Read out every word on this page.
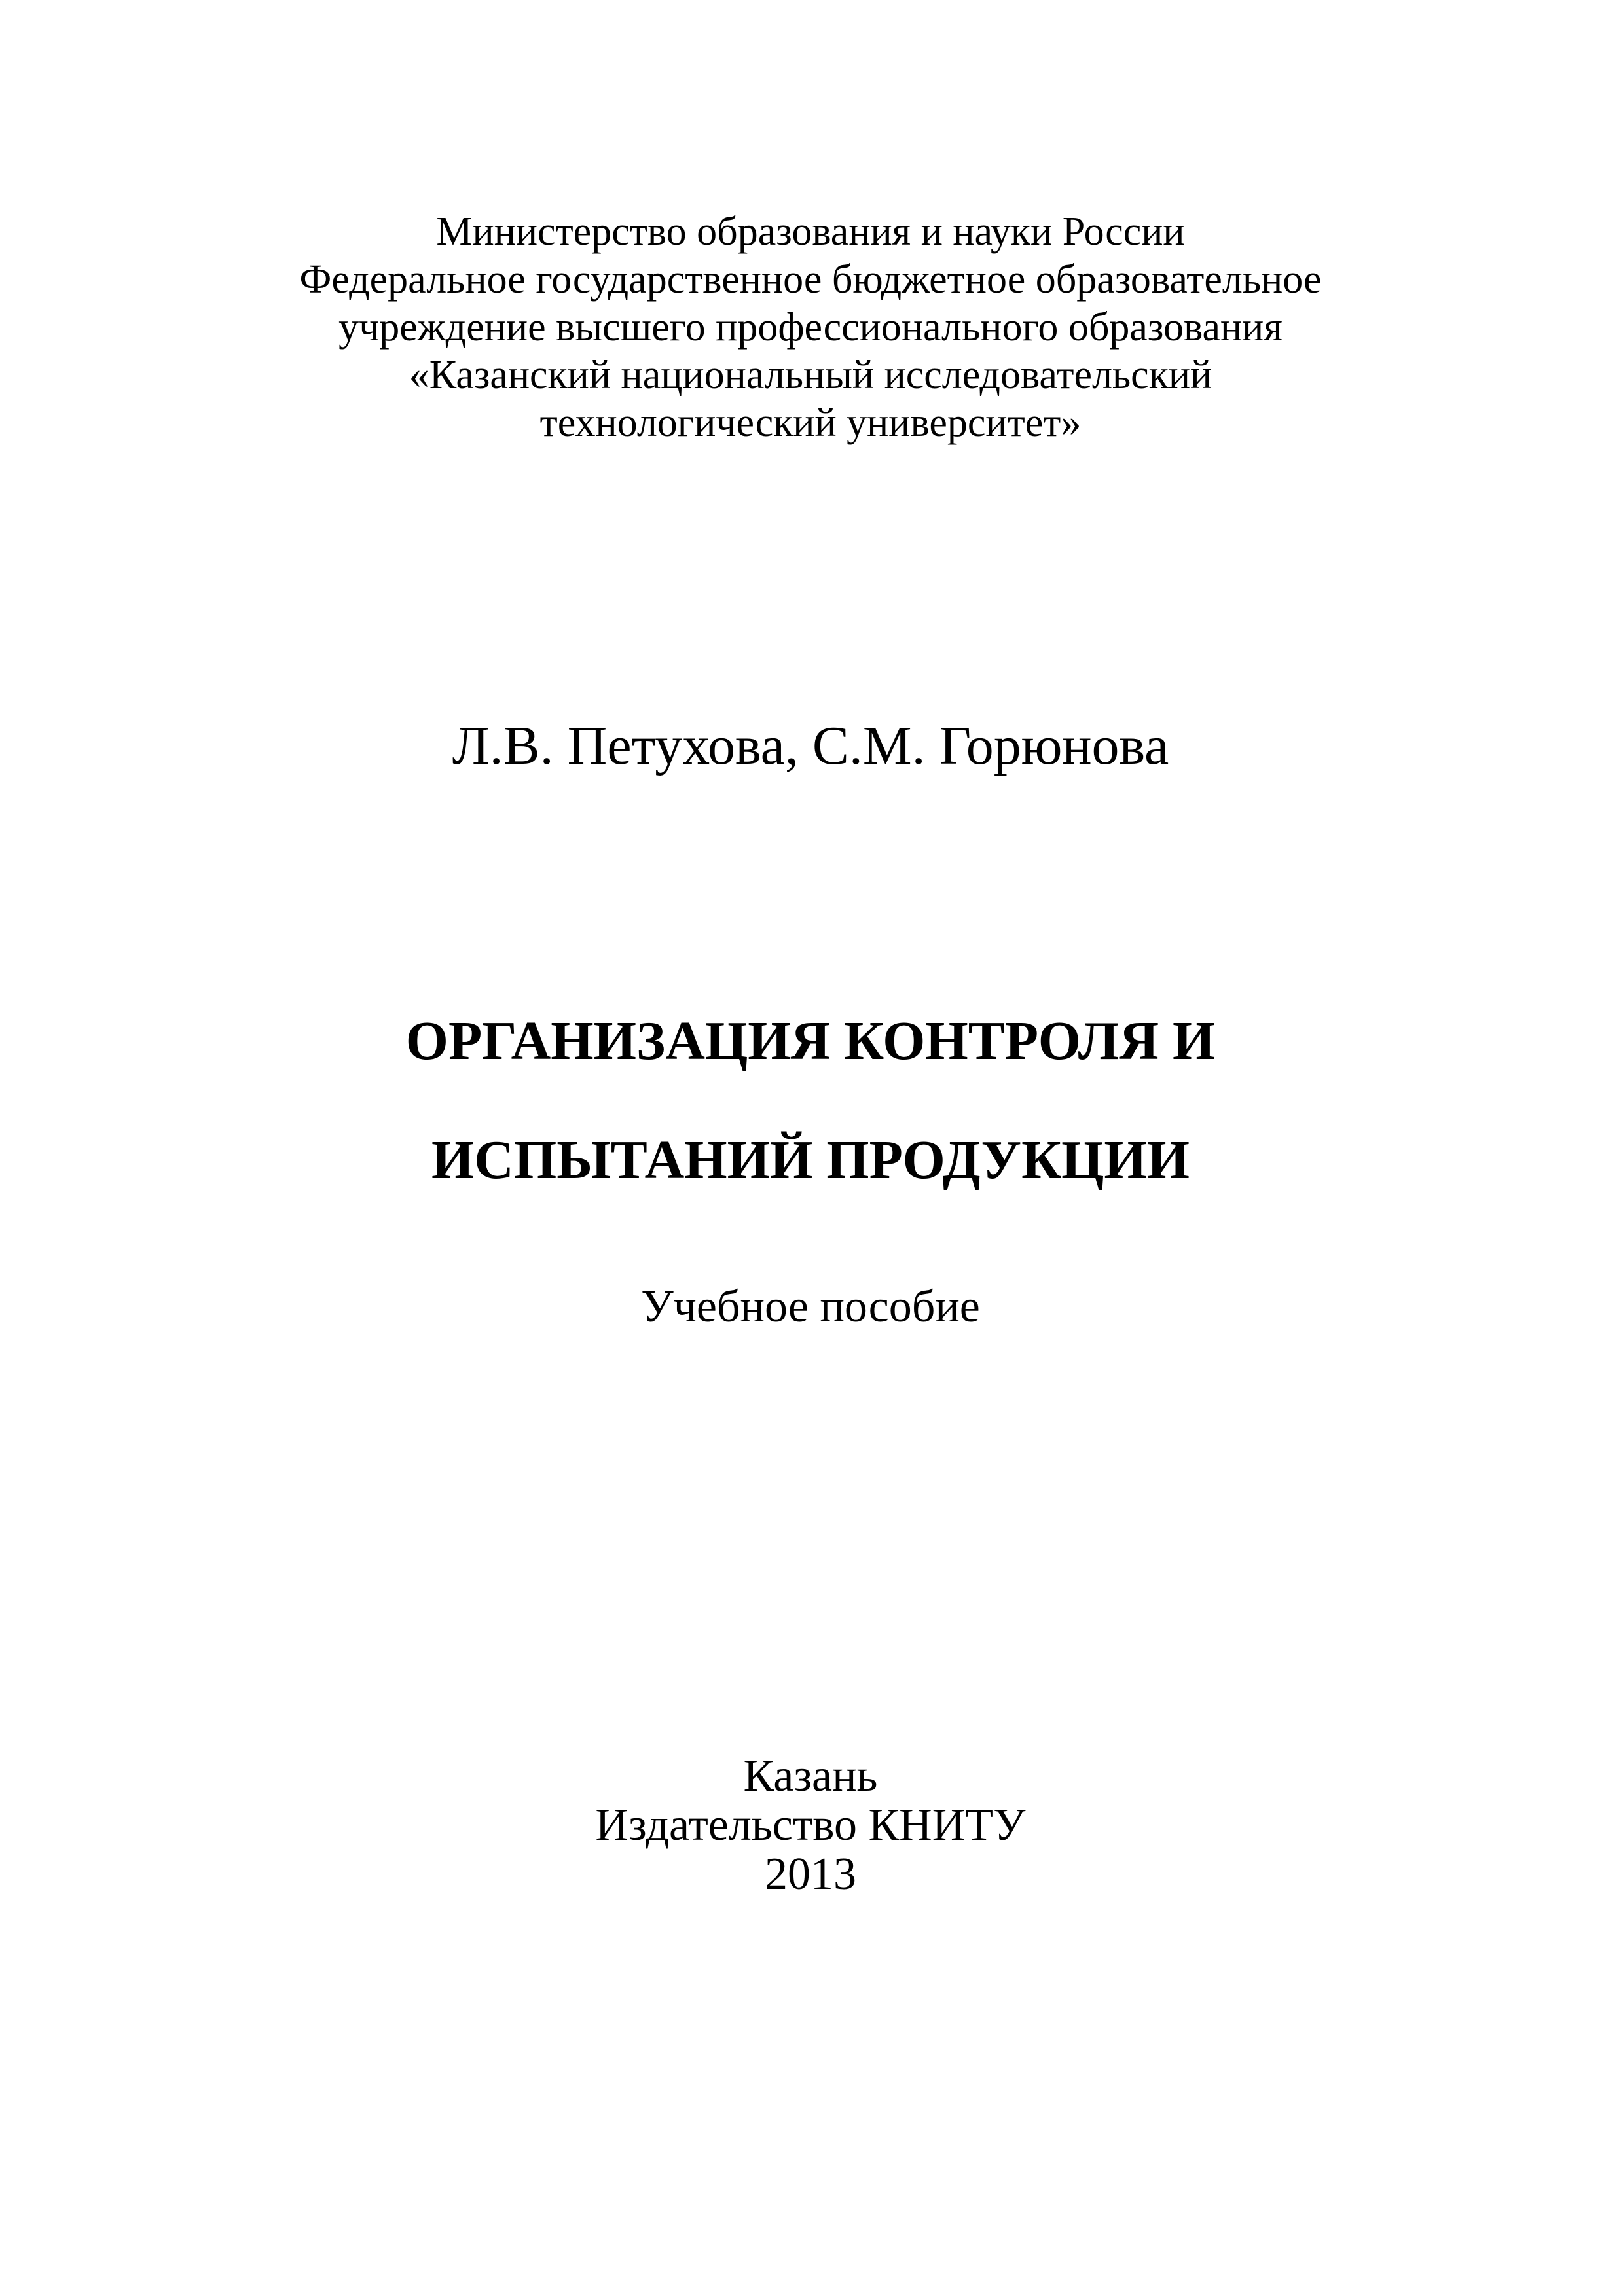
Министерство образования и науки России
Федеральное государственное бюджетное образовательное
учреждение высшего профессионального образования
«Казанский национальный исследовательский
технологический университет»
Л.В. Петухова, С.М. Горюнова
ОРГАНИЗАЦИЯ КОНТРОЛЯ И
ИСПЫТАНИЙ ПРОДУКЦИИ
Учебное пособие
Казань
Издательство КНИТУ
2013
